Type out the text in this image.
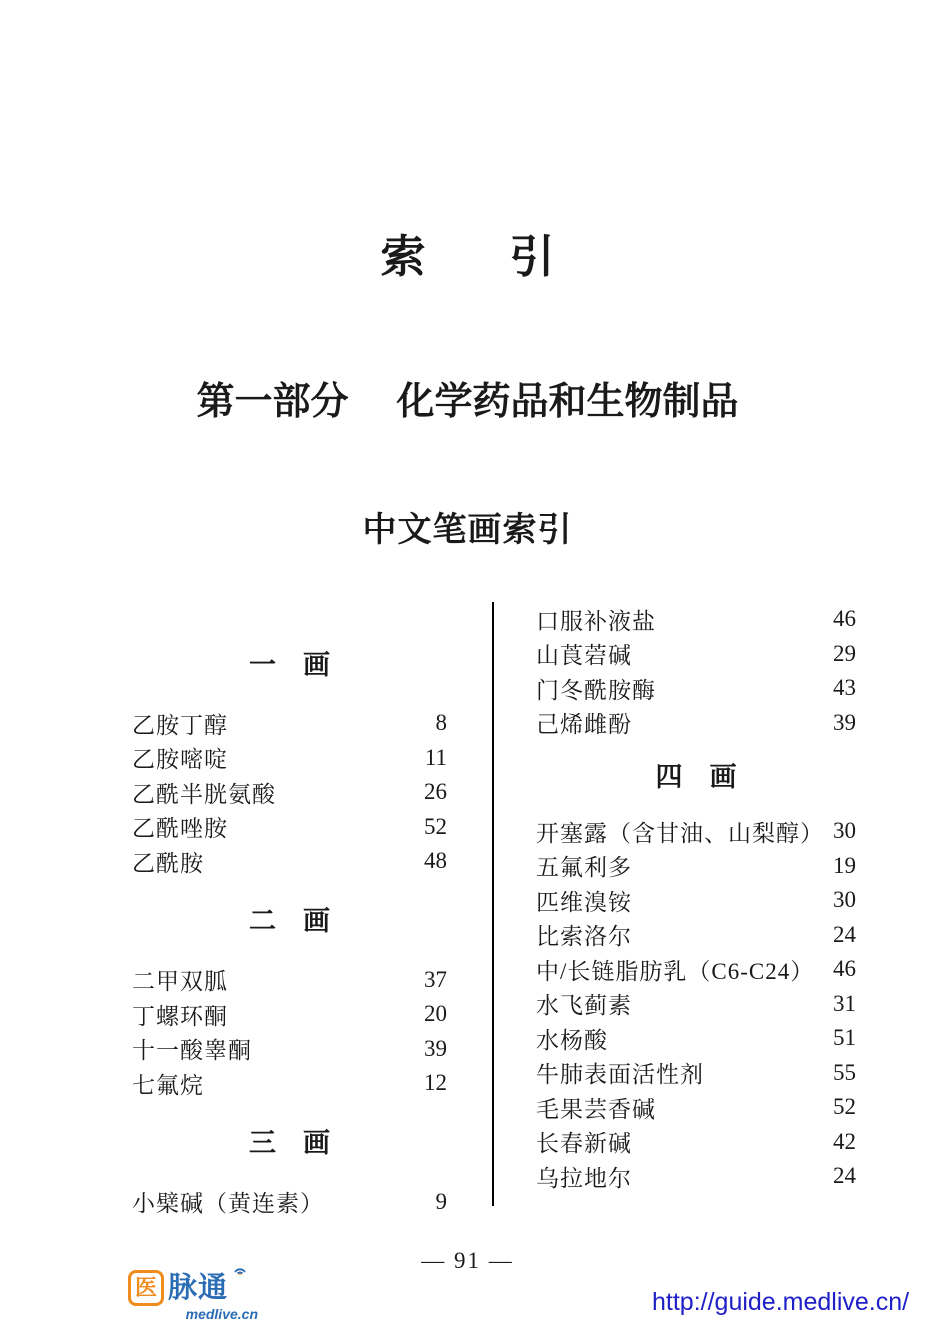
索 引
第一部分 化学药品和生物制品
中文笔画索引
一　画
乙胺丁醇	8
乙胺嘧啶	11
乙酰半胱氨酸	26
乙酰唑胺	52
乙酰胺	48
二　画
二甲双胍	37
丁螺环酮	20
十一酸睾酮	39
七氟烷	12
三　画
小檗碱（黄连素）	9
口服补液盐	46
山莨菪碱	29
门冬酰胺酶	43
己烯雌酚	39
四　画
开塞露（含甘油、山梨醇） 30
五氟利多	19
匹维溴铵	30
比索洛尔	24
中/长链脂肪乳（C6-C24） 46
水飞蓟素	31
水杨酸	51
牛肺表面活性剂	55
毛果芸香碱	52
长春新碱	42
乌拉地尔	24
— 91 —
医 脉通
medlive.cn	http://guide.medlive.cn/
